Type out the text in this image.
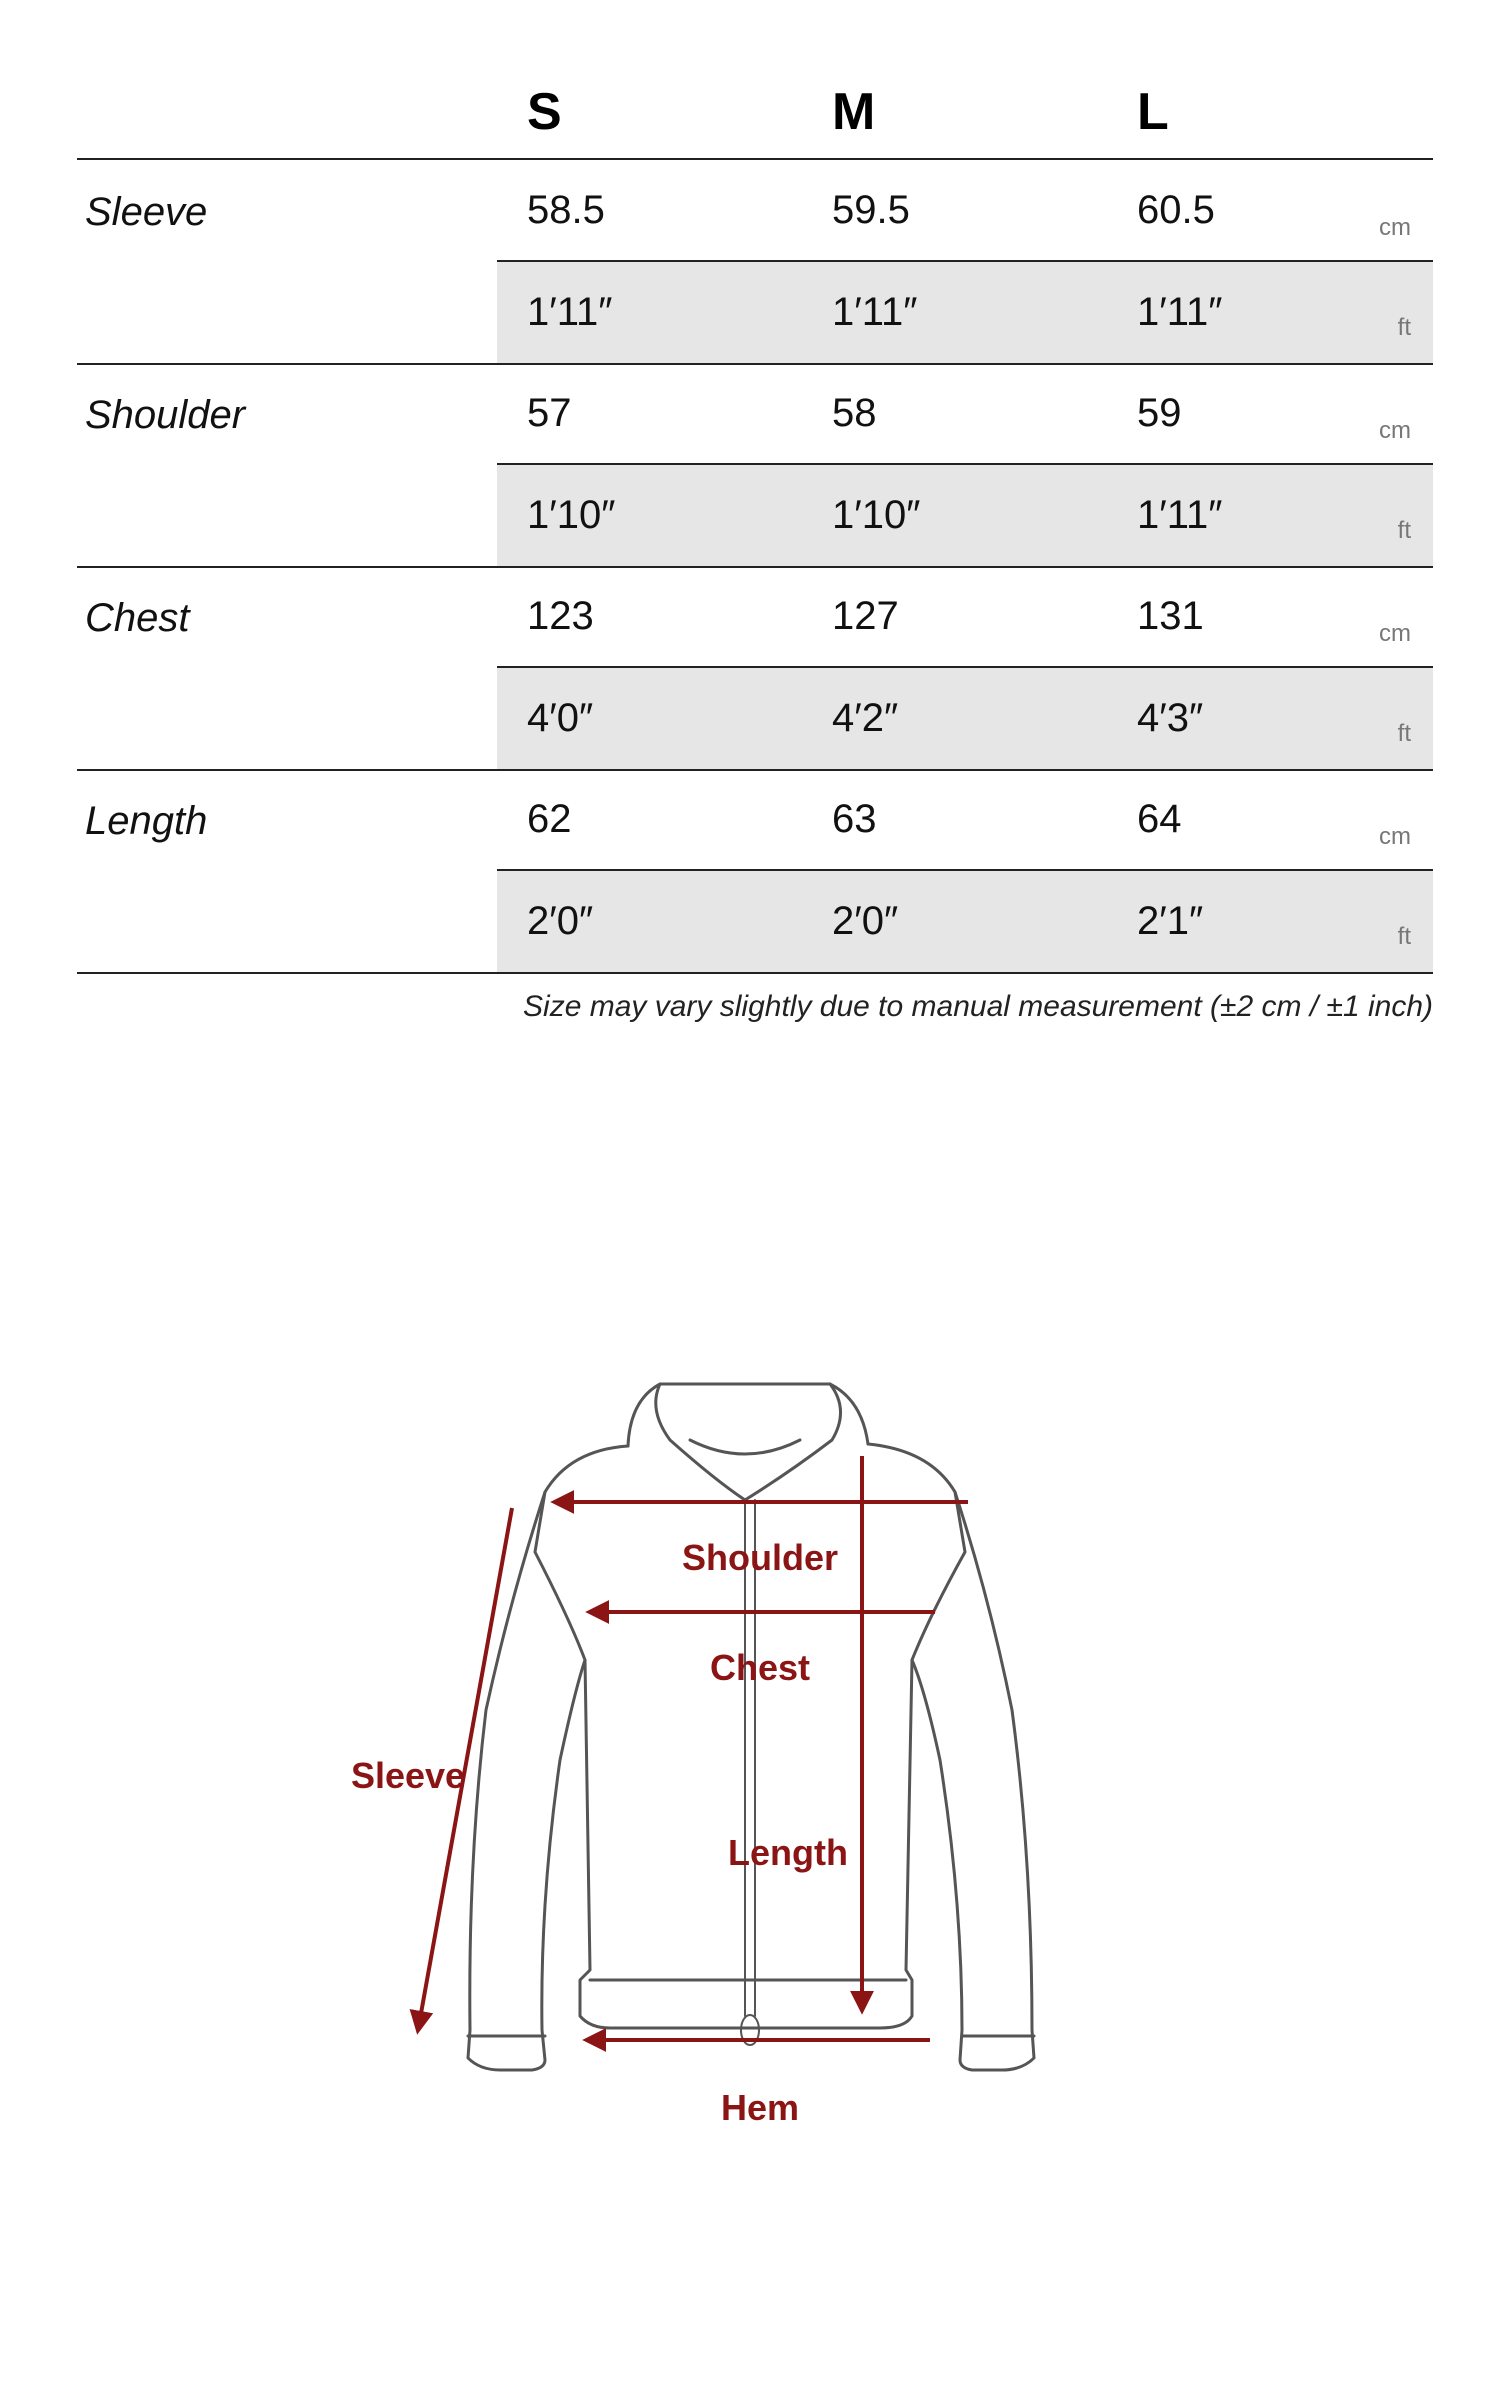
S	M	L
Sleeve	58.5	59.5	60.5	cm
1′11″	1′11″	1′11″	ft
Shoulder	57	58	59	cm
1′10″	1′10″	1′11″	ft
Chest	123	127	131	cm
4′0″	4′2″	4′3″	ft
Length	62	63	64	cm
2′0″	2′0″	2′1″	ft
Size may vary slightly due to manual measurement (±2 cm / ±1 inch)
Shoulder
Chest
Sleeve
Length
Hem
